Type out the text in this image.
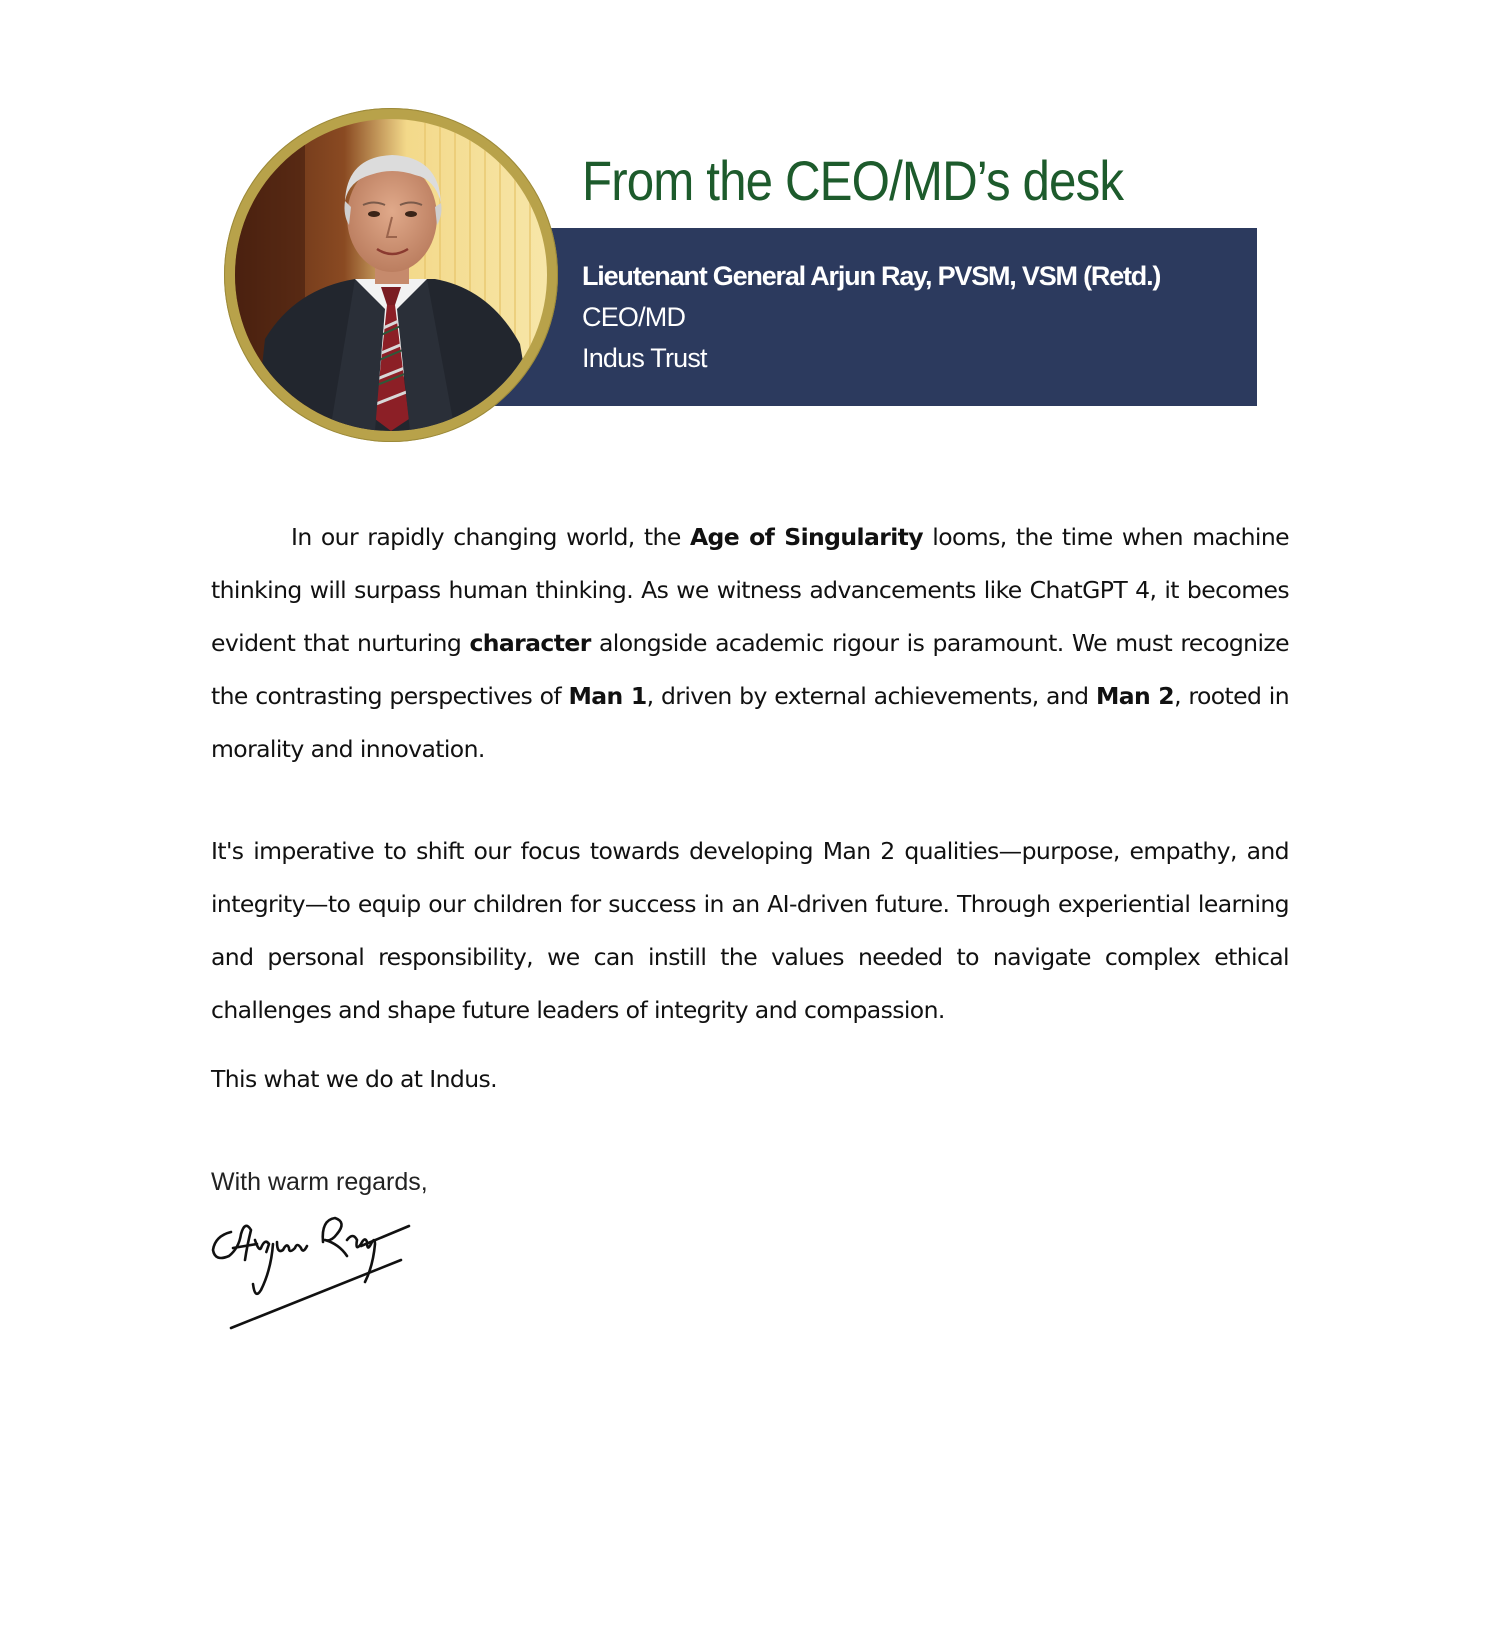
From the CEO/MD’s desk
Lieutenant General Arjun Ray, PVSM, VSM (Retd.)
CEO/MD
Indus Trust

In our rapidly changing world, the Age of Singularity looms, the time when machine thinking will surpass human thinking. As we witness advancements like ChatGPT 4, it becomes evident that nurturing character alongside academic rigour is paramount. We must recognize the contrasting perspectives of Man 1, driven by external achievements, and Man 2, rooted in morality and innovation.

It's imperative to shift our focus towards developing Man 2 qualities—purpose, empathy, and integrity—to equip our children for success in an AI-driven future. Through experiential learning and personal responsibility, we can instill the values needed to navigate complex ethical challenges and shape future leaders of integrity and compassion.

This what we do at Indus.

With warm regards,
